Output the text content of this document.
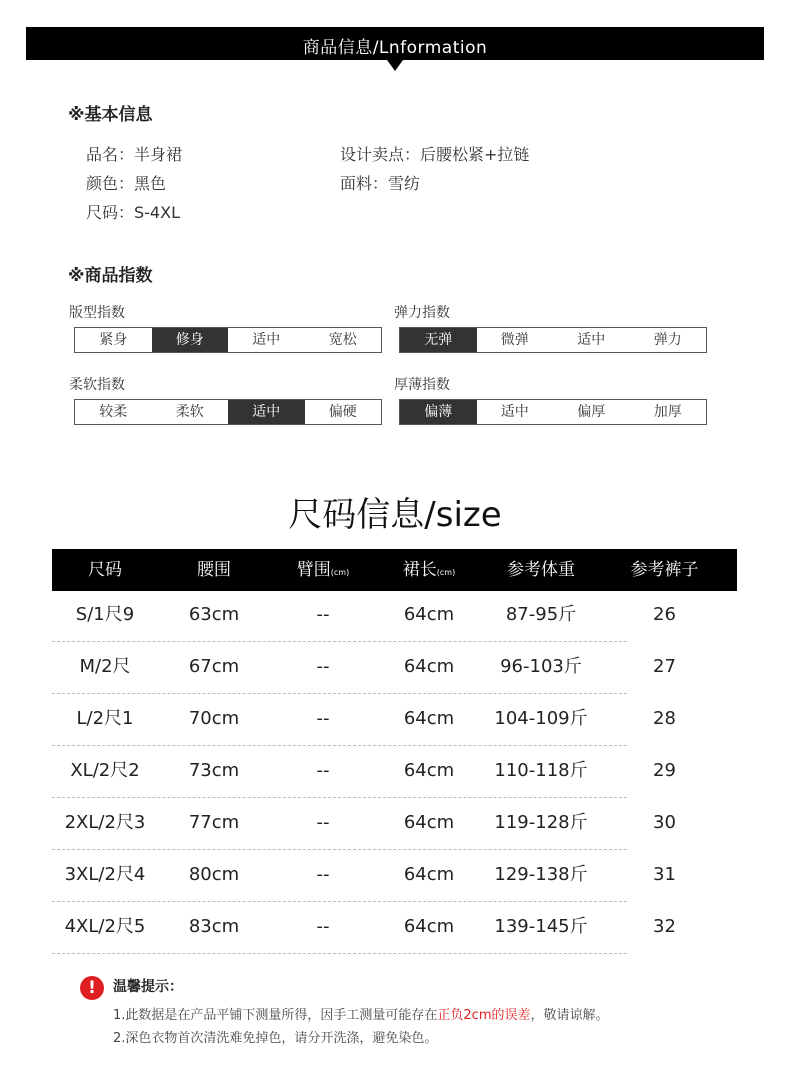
商品信息/Lnformation
※基本信息
品名：半身裙
颜色：黑色
尺码：S-4XL
设计卖点：后腰松紧+拉链
面料：雪纺
※商品指数
版型指数
紧身	修身	适中	宽松
弹力指数
无弹	微弹	适中	弹力
柔软指数
较柔	柔软	适中	偏硬
厚薄指数
偏薄	适中	偏厚	加厚
尺码信息/size
尺码	腰围	臂围(cm)	裙长(cm)	参考体重	参考裤子
S/1尺9	63cm	--	64cm	87-95斤	26
M/2尺	67cm	--	64cm	96-103斤	27
L/2尺1	70cm	--	64cm	104-109斤	28
XL/2尺2	73cm	--	64cm	110-118斤	29
2XL/2尺3	77cm	--	64cm	119-128斤	30
3XL/2尺4	80cm	--	64cm	129-138斤	31
4XL/2尺5	83cm	--	64cm	139-145斤	32
!	温馨提示：
1.此数据是在产品平铺下测量所得，因手工测量可能存在正负2cm的误差，敬请谅解。
2.深色衣物首次清洗难免掉色，请分开洗涤，避免染色。
